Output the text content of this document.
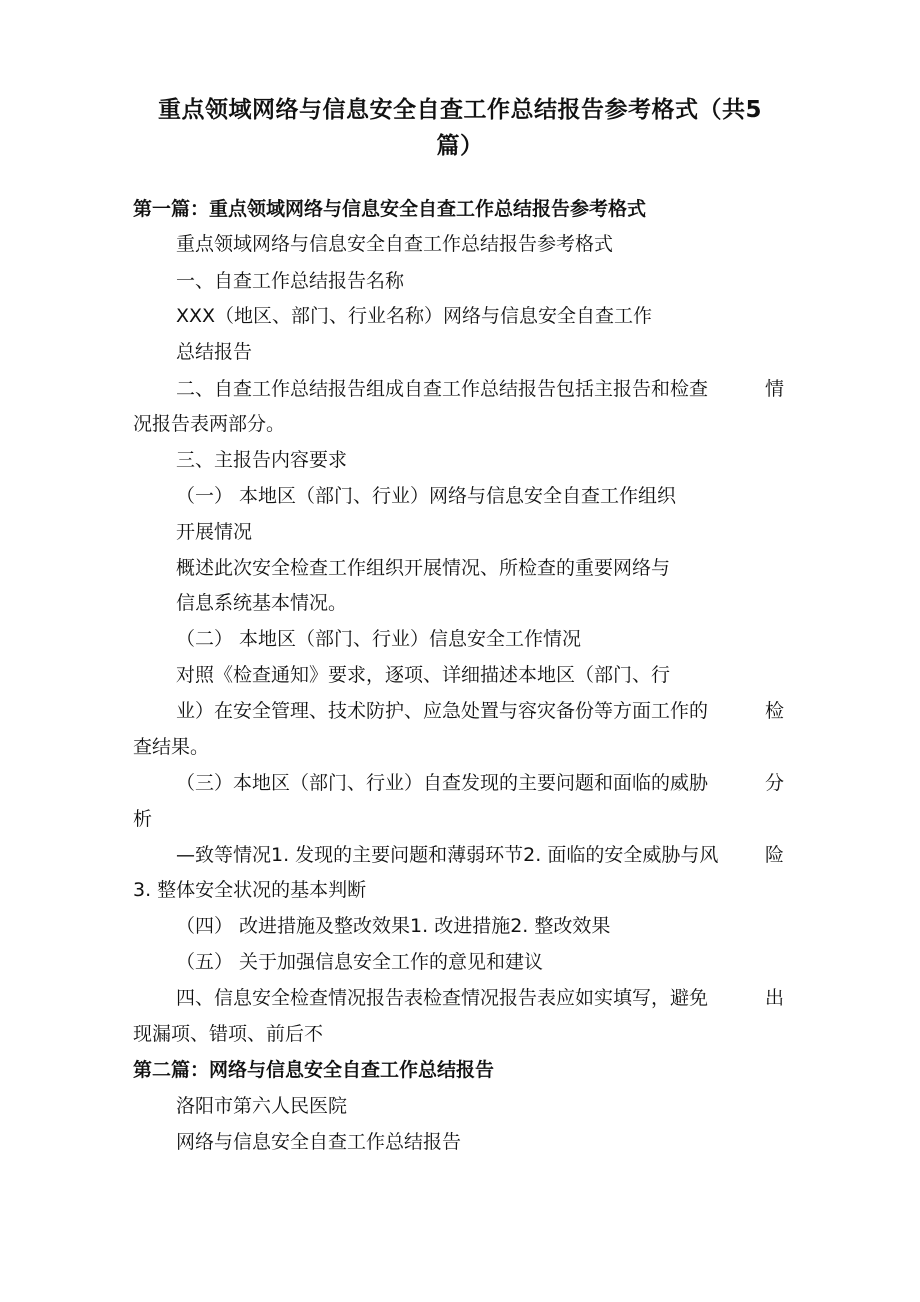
重点领域网络与信息安全自查工作总结报告参考格式（共5
篇）
第一篇：重点领域网络与信息安全自查工作总结报告参考格式
重点领域网络与信息安全自查工作总结报告参考格式
一、自查工作总结报告名称
XXX（地区、部门、行业名称）网络与信息安全自查工作
总结报告
二、自查工作总结报告组成自查工作总结报告包括主报告和检查	情
况报告表两部分。
三、主报告内容要求
（一） 本地区（部门、行业）网络与信息安全自查工作组织
开展情况
概述此次安全检查工作组织开展情况、所检查的重要网络与
信息系统基本情况。
（二） 本地区（部门、行业）信息安全工作情况
对照《检查通知》要求，逐项、详细描述本地区（部门、行
业）在安全管理、技术防护、应急处置与容灾备份等方面工作的	检
查结果。
（三）本地区（部门、行业）自查发现的主要问题和面临的威胁	分
析
—致等情况1. 发现的主要问题和薄弱环节2. 面临的安全威胁与风 险
3. 整体安全状况的基本判断
（四） 改进措施及整改效果1. 改进措施2. 整改效果
（五） 关于加强信息安全工作的意见和建议
四、信息安全检查情况报告表检查情况报告表应如实填写，避免	出
现漏项、错项、前后不
第二篇：网络与信息安全自查工作总结报告
洛阳市第六人民医院
网络与信息安全自查工作总结报告
